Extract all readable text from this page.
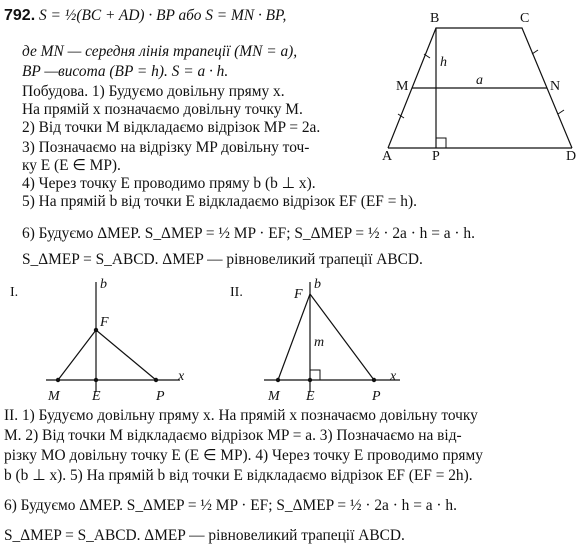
792. S = ½(BC + AD) · BP або S = MN · BP,
де MN — середня лінія трапеції (MN = a),
BP —висота (BP = h). S = a · h.
Побудова. 1) Будуємо довільну пряму x.
На прямій x позначаємо довільну точку M.
2) Від точки M відкладаємо відрізок MP = 2a.
3) Позначаємо на відрізку MP довільну точ-
ку E (E ∈ MP).
4) Через точку E проводимо пряму b (b ⊥ x).
5) На прямій b від точки E відкладаємо відрізок EF (EF = h).
6) Будуємо ΔMEP. S_ΔMEP = ½ MP · EF; S_ΔMEP = ½ · 2a · h = a · h.
S_ΔMEP = S_ABCD. ΔMEP — рівновеликий трапеції ABCD.
B	C
M	N
A	P	D
h
a
I.
b
F
M E	P
x
II.
b
F
m
M E	P
x
II. 1) Будуємо довільну пряму x. На прямій x позначаємо довільну точку
M. 2) Від точки M відкладаємо відрізок MP = a. 3) Позначаємо на від-
різку MO довільну точку E (E ∈ MP). 4) Через точку E проводимо пряму
b (b ⊥ x). 5) На прямій b від точки E відкладаємо відрізок EF (EF = 2h).
6) Будуємо ΔMEP. S_ΔMEP = ½ MP · EF; S_ΔMEP = ½ · 2a · h = a · h.
S_ΔMEP = S_ABCD. ΔMEP — рівновеликий трапеції ABCD.
